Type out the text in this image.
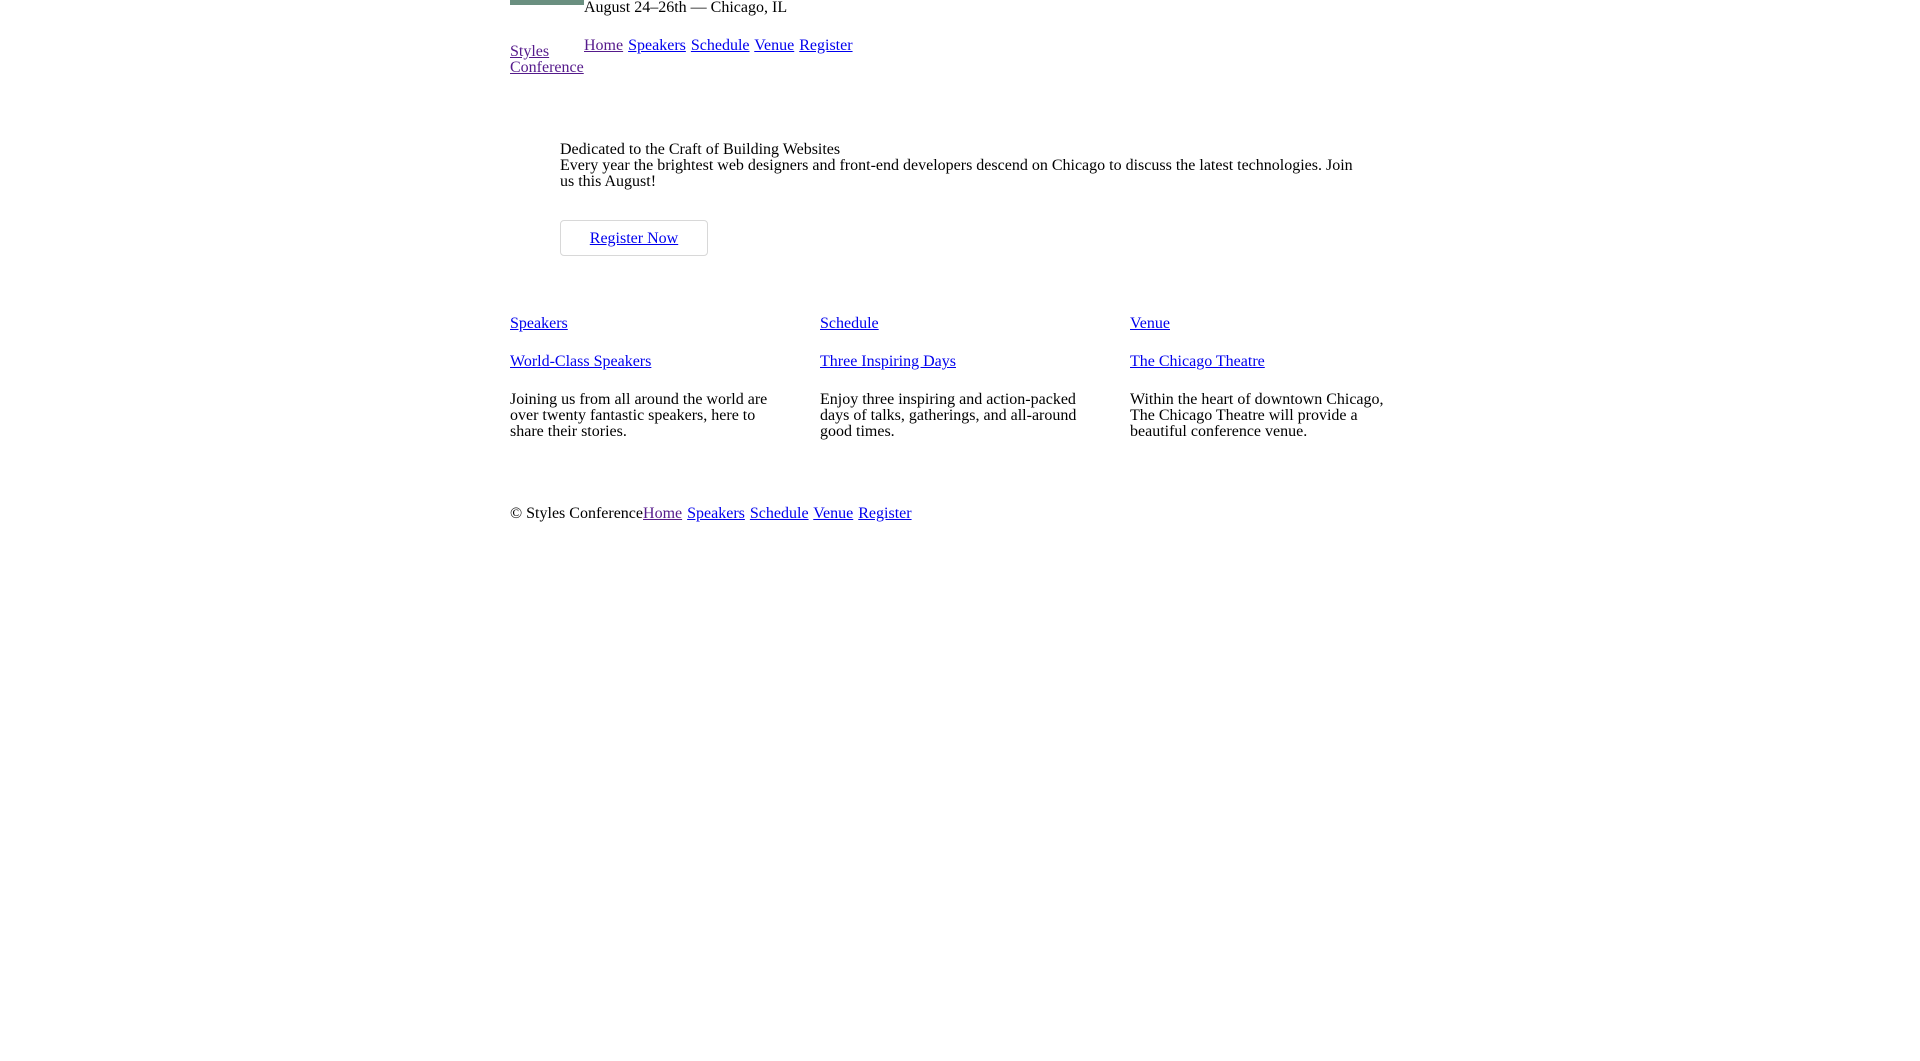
Styles
Conference
August 24–26th — Chicago, IL
Home Speakers Schedule Venue Register
Dedicated to the Craft of Building Websites

Every year the brightest web designers and front-end developers descend on Chicago to discuss the latest technologies. Join us this August!

Register Now
Speakers
World-Class Speakers

Joining us from all around the world are over twenty fantastic speakers, here to share their stories.

Schedule
Three Inspiring Days

Enjoy three inspiring and action-packed days of talks, gatherings, and all-around good times.

Venue
The Chicago Theatre

Within the heart of downtown Chicago, The Chicago Theatre will provide a beautiful conference venue.

© Styles ConferenceHome Speakers Schedule Venue Register
